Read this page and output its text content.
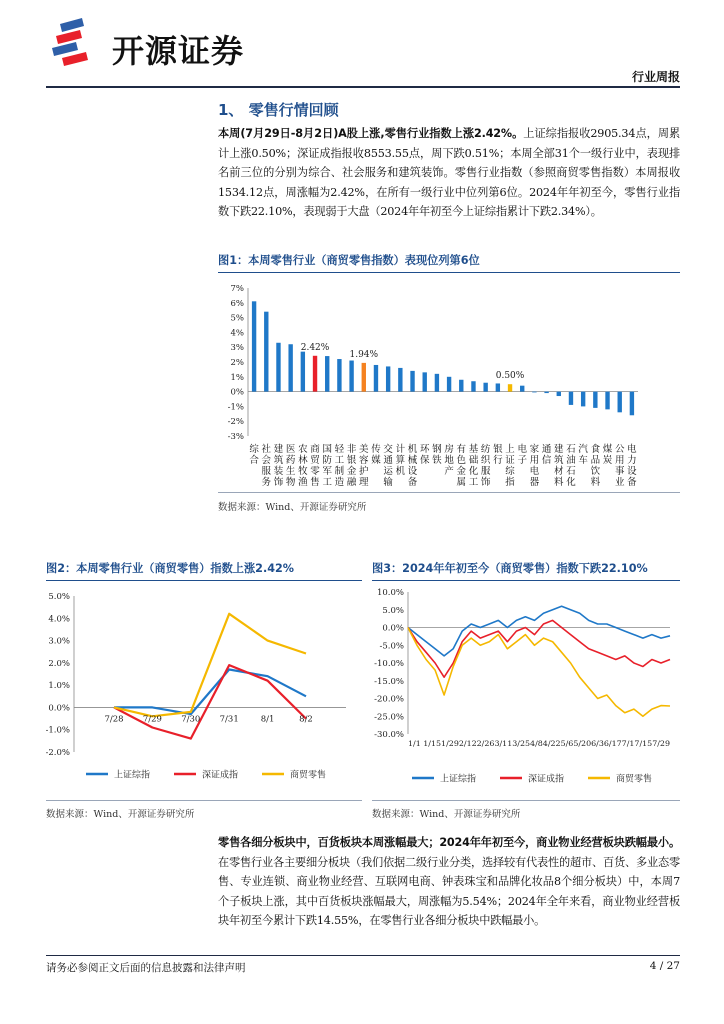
开源证券
行业周报
1、 零售行情回顾
本周(7月29日-8月2日)A股上涨,零售行业指数上涨2.42%。上证综指报收2905.34点，周累计上涨0.50%；深证成指报收8553.55点，周下跌0.51%；本周全部31个一级行业中，表现排名前三位的分别为综合、社会服务和建筑装饰。零售行业指数（参照商贸零售指数）本周报收1534.12点，周涨幅为2.42%，在所有一级行业中位列第6位。2024年年初至今，零售行业指数下跌22.10%，表现弱于大盘（2024年年初至今上证综指累计下跌2.34%）。
图1：本周零售行业（商贸零售指数）表现位列第6位
7%
6%
5%
4%
3%
2%
1%
0%
-1%
-2%
-3%
综
合
社
会
服
务
建
筑
装
饰
医
药
生
物
农
林
牧
渔
商
贸
零
售
国
防
军
工
轻
工
制
造
非
银
金
融
美
容
护
理
传
媒
交
通
运
输
计
算
机
机
械
设
备
环
保
钢
铁
房
地
产
有
色
金
属
基
础
化
工
纺
织
服
饰
银
行
上
证
综
指
电
子
家
用
电
器
通
信
建
筑
材
料
石
油
石
化
汽
车
食
品
饮
料
煤
炭
公
用
事
业
电
力
设
备
2.42%
1.94%
0.50%
数据来源：Wind、开源证券研究所
图2：本周零售行业（商贸零售）指数上涨2.42%
5.0%
4.0%
3.0%
2.0%
1.0%
0.0%
-1.0%
-2.0%
上证综指	深证成指	商贸零售
7/28 7/29 7/30 7/31	8/1	8/2
数据来源：Wind、开源证券研究所
图3：2024年年初至今（商贸零售）指数下跌22.10%
10.0%
5.0%
0.0%
-5.0%
-10.0%
-15.0%
-20.0%
-25.0%
-30.0%
上证综指	深证成指	商贸零售
1/1 1/151/292/122/263/113/254/84/225/65/206/36/177/17/157/29
数据来源：Wind、开源证券研究所
零售各细分板块中，百货板块本周涨幅最大；2024年年初至今，商业物业经营板块跌幅最小。在零售行业各主要细分板块（我们依据二级行业分类，选择较有代表性的超市、百货、多业态零售、专业连锁、商业物业经营、互联网电商、钟表珠宝和品牌化妆品8个细分板块）中，本周7个子板块上涨，其中百货板块涨幅最大，周涨幅为5.54%；2024年全年来看，商业物业经营板块年初至今累计下跌14.55%，在零售行业各细分板块中跌幅最小。
请务必参阅正文后面的信息披露和法律声明	4 / 27
